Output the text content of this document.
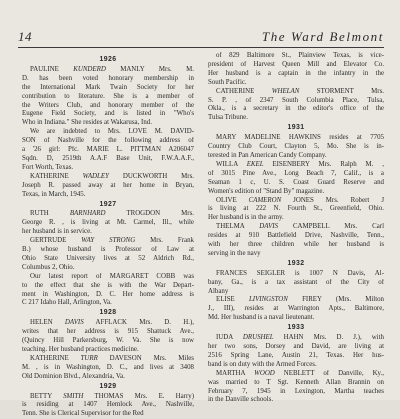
14	The Ward Belmont
1926
PAULINE KUNDERD MANLY Mrs. M.
D. has been voted honorary membership in
the International Mark Twain Society for her
contribution to literature. She is a member of
the Writers Club, and honorary member of the
Eugene Field Society, and is listed in "Who's
Who in Indiana." She resides at Wakarusa, Ind.
We are indebted to Mrs. LOVE M. DAVID-
SON of Nashville for the following address of
a '26 girl: Pfc. MARIE L. PITTMAN A206047
Sqdn. D, 2519th A.A.F Base Unit, F.W.A.A.F.,
Fort Worth, Texas.
KATHERINE WADLEY DUCKWORTH Mrs.
Joseph R. passed away at her home in Bryan,
Texas, in March, 1945.
1927
RUTH BARNHARD TROGDON Mrs.
George R. , is living at Mt. Carmel, Ill., while
her husband is in service.
GERTRUDE WAY STRONG Mrs. Frank
B.) whose husband is Professor of Law at
Ohio State University lives at 52 Aldrich Rd.,
Columbus 2, Ohio.
Our latest report of MARGARET COBB was
to the effect that she is with the War Depart-
ment in Washington, D. C. Her home address is
C 217 Idaho Hall, Arlington, Va.
1928
HELEN DAVIS AFFLACK Mrs. D. H.),
writes that her address is 915 Shattuck Ave.,
(Quincy Hill Parkersburg, W. Va. She is now
teaching. Her husband practices medicine.
KATHERINE TURR DAVESON Mrs. Miles
M. , is in Washington, D. C., and lives at 3408
Old Dominion Blvd., Alexandria, Va.
1929
BETTY SMITH THOMAS Mrs. E. Harry)
is residing at 1407 Hemlock Ave., Nashville,
Tenn. She is Clerical Supervisor for the Red
of 829 Baltimore St., Plainview Texas, is vice-
president of Harvest Queen Mill and Elevator Co.
Her husband is a captain in the infantry in the
South Pacific.
CATHERINE WHELAN STORMENT Mrs.
S. P. , of 2347 South Columbia Place, Tulsa,
Okla., is a secretary in the editor's office of the
Tulsa Tribune.
1931
MARY MADELINE HAWKINS resides at 7705
Country Club Court, Clayton 5, Mo. She is in-
terested in Pan American Candy Company.
WILLA EKEL EISENBERY Mrs. Ralph M. ,
of 3015 Pine Ave., Long Beach 7, Calif., is a
Seaman 1 c, U. S. Coast Guard Reserve and
Women's edition of "Stand By" magazine.
OLIVE CAMERON JONES Mrs. Robert J
is living at 222 N. Fourth St., Greenfield, Ohio.
Her husband is in the army.
THELMA DAVIS CAMPBELL Mrs. Carl
resides at 910 Battlefield Drive, Nashville, Tenn.,
with her three children while her husband is
serving in the navy
1932
FRANCES SEIGLER is 1007 N Davis, Al-
bany, Ga., is a tax assistant of the City of
Albany
ELISE LIVINGSTON FIREY (Mrs. Milton
J., III), resides at Warrington Apts., Baltimore,
Md. Her husband is a naval lieutenant.
1933
IUDA DRUSHEL HAHN Mrs. D. J.), with
her two sons, Dorsey and David, are living at
2516 Spring Lane, Austin 21, Texas. Her hus-
band is on duty with the Armed Forces.
MARTHA WOOD NEBLETT of Danville, Ky.,
was married to T Sgt. Kenneth Allan Brannin on
February 7, 1945 in Lexington, Martha teaches
in the Danville schools.
